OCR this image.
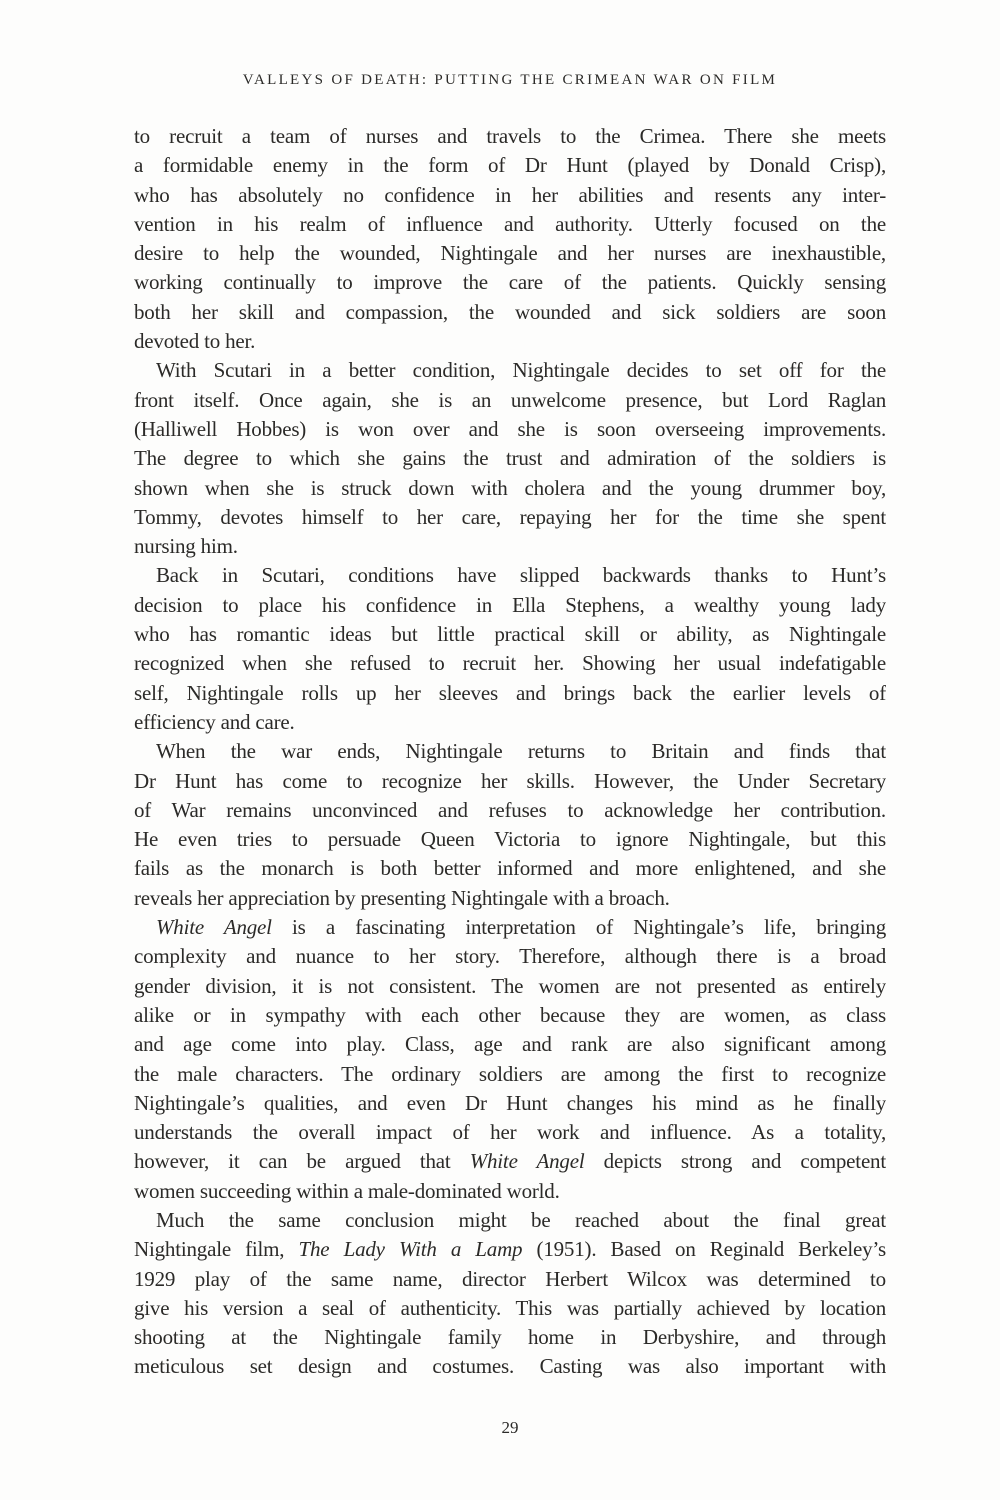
VALLEYS OF DEATH: PUTTING THE CRIMEAN WAR ON FILM
to recruit a team of nurses and travels to the Crimea. There she meets
a formidable enemy in the form of Dr Hunt (played by Donald Crisp),
who has absolutely no confidence in her abilities and resents any inter-
vention in his realm of influence and authority. Utterly focused on the
desire to help the wounded, Nightingale and her nurses are inexhaustible,
working continually to improve the care of the patients. Quickly sensing
both her skill and compassion, the wounded and sick soldiers are soon
devoted to her.
With Scutari in a better condition, Nightingale decides to set off for the
front itself. Once again, she is an unwelcome presence, but Lord Raglan
(Halliwell Hobbes) is won over and she is soon overseeing improvements.
The degree to which she gains the trust and admiration of the soldiers is
shown when she is struck down with cholera and the young drummer boy,
Tommy, devotes himself to her care, repaying her for the time she spent
nursing him.
Back in Scutari, conditions have slipped backwards thanks to Hunt’s
decision to place his confidence in Ella Stephens, a wealthy young lady
who has romantic ideas but little practical skill or ability, as Nightingale
recognized when she refused to recruit her. Showing her usual indefatigable
self, Nightingale rolls up her sleeves and brings back the earlier levels of
efficiency and care.
When the war ends, Nightingale returns to Britain and finds that
Dr Hunt has come to recognize her skills. However, the Under Secretary
of War remains unconvinced and refuses to acknowledge her contribution.
He even tries to persuade Queen Victoria to ignore Nightingale, but this
fails as the monarch is both better informed and more enlightened, and she
reveals her appreciation by presenting Nightingale with a broach.
White Angel is a fascinating interpretation of Nightingale’s life, bringing
complexity and nuance to her story. Therefore, although there is a broad
gender division, it is not consistent. The women are not presented as entirely
alike or in sympathy with each other because they are women, as class
and age come into play. Class, age and rank are also significant among
the male characters. The ordinary soldiers are among the first to recognize
Nightingale’s qualities, and even Dr Hunt changes his mind as he finally
understands the overall impact of her work and influence. As a totality,
however, it can be argued that White Angel depicts strong and competent
women succeeding within a male-dominated world.
Much the same conclusion might be reached about the final great
Nightingale film, The Lady With a Lamp (1951). Based on Reginald Berkeley’s
1929 play of the same name, director Herbert Wilcox was determined to
give his version a seal of authenticity. This was partially achieved by location
shooting at the Nightingale family home in Derbyshire, and through
meticulous set design and costumes. Casting was also important with
29
